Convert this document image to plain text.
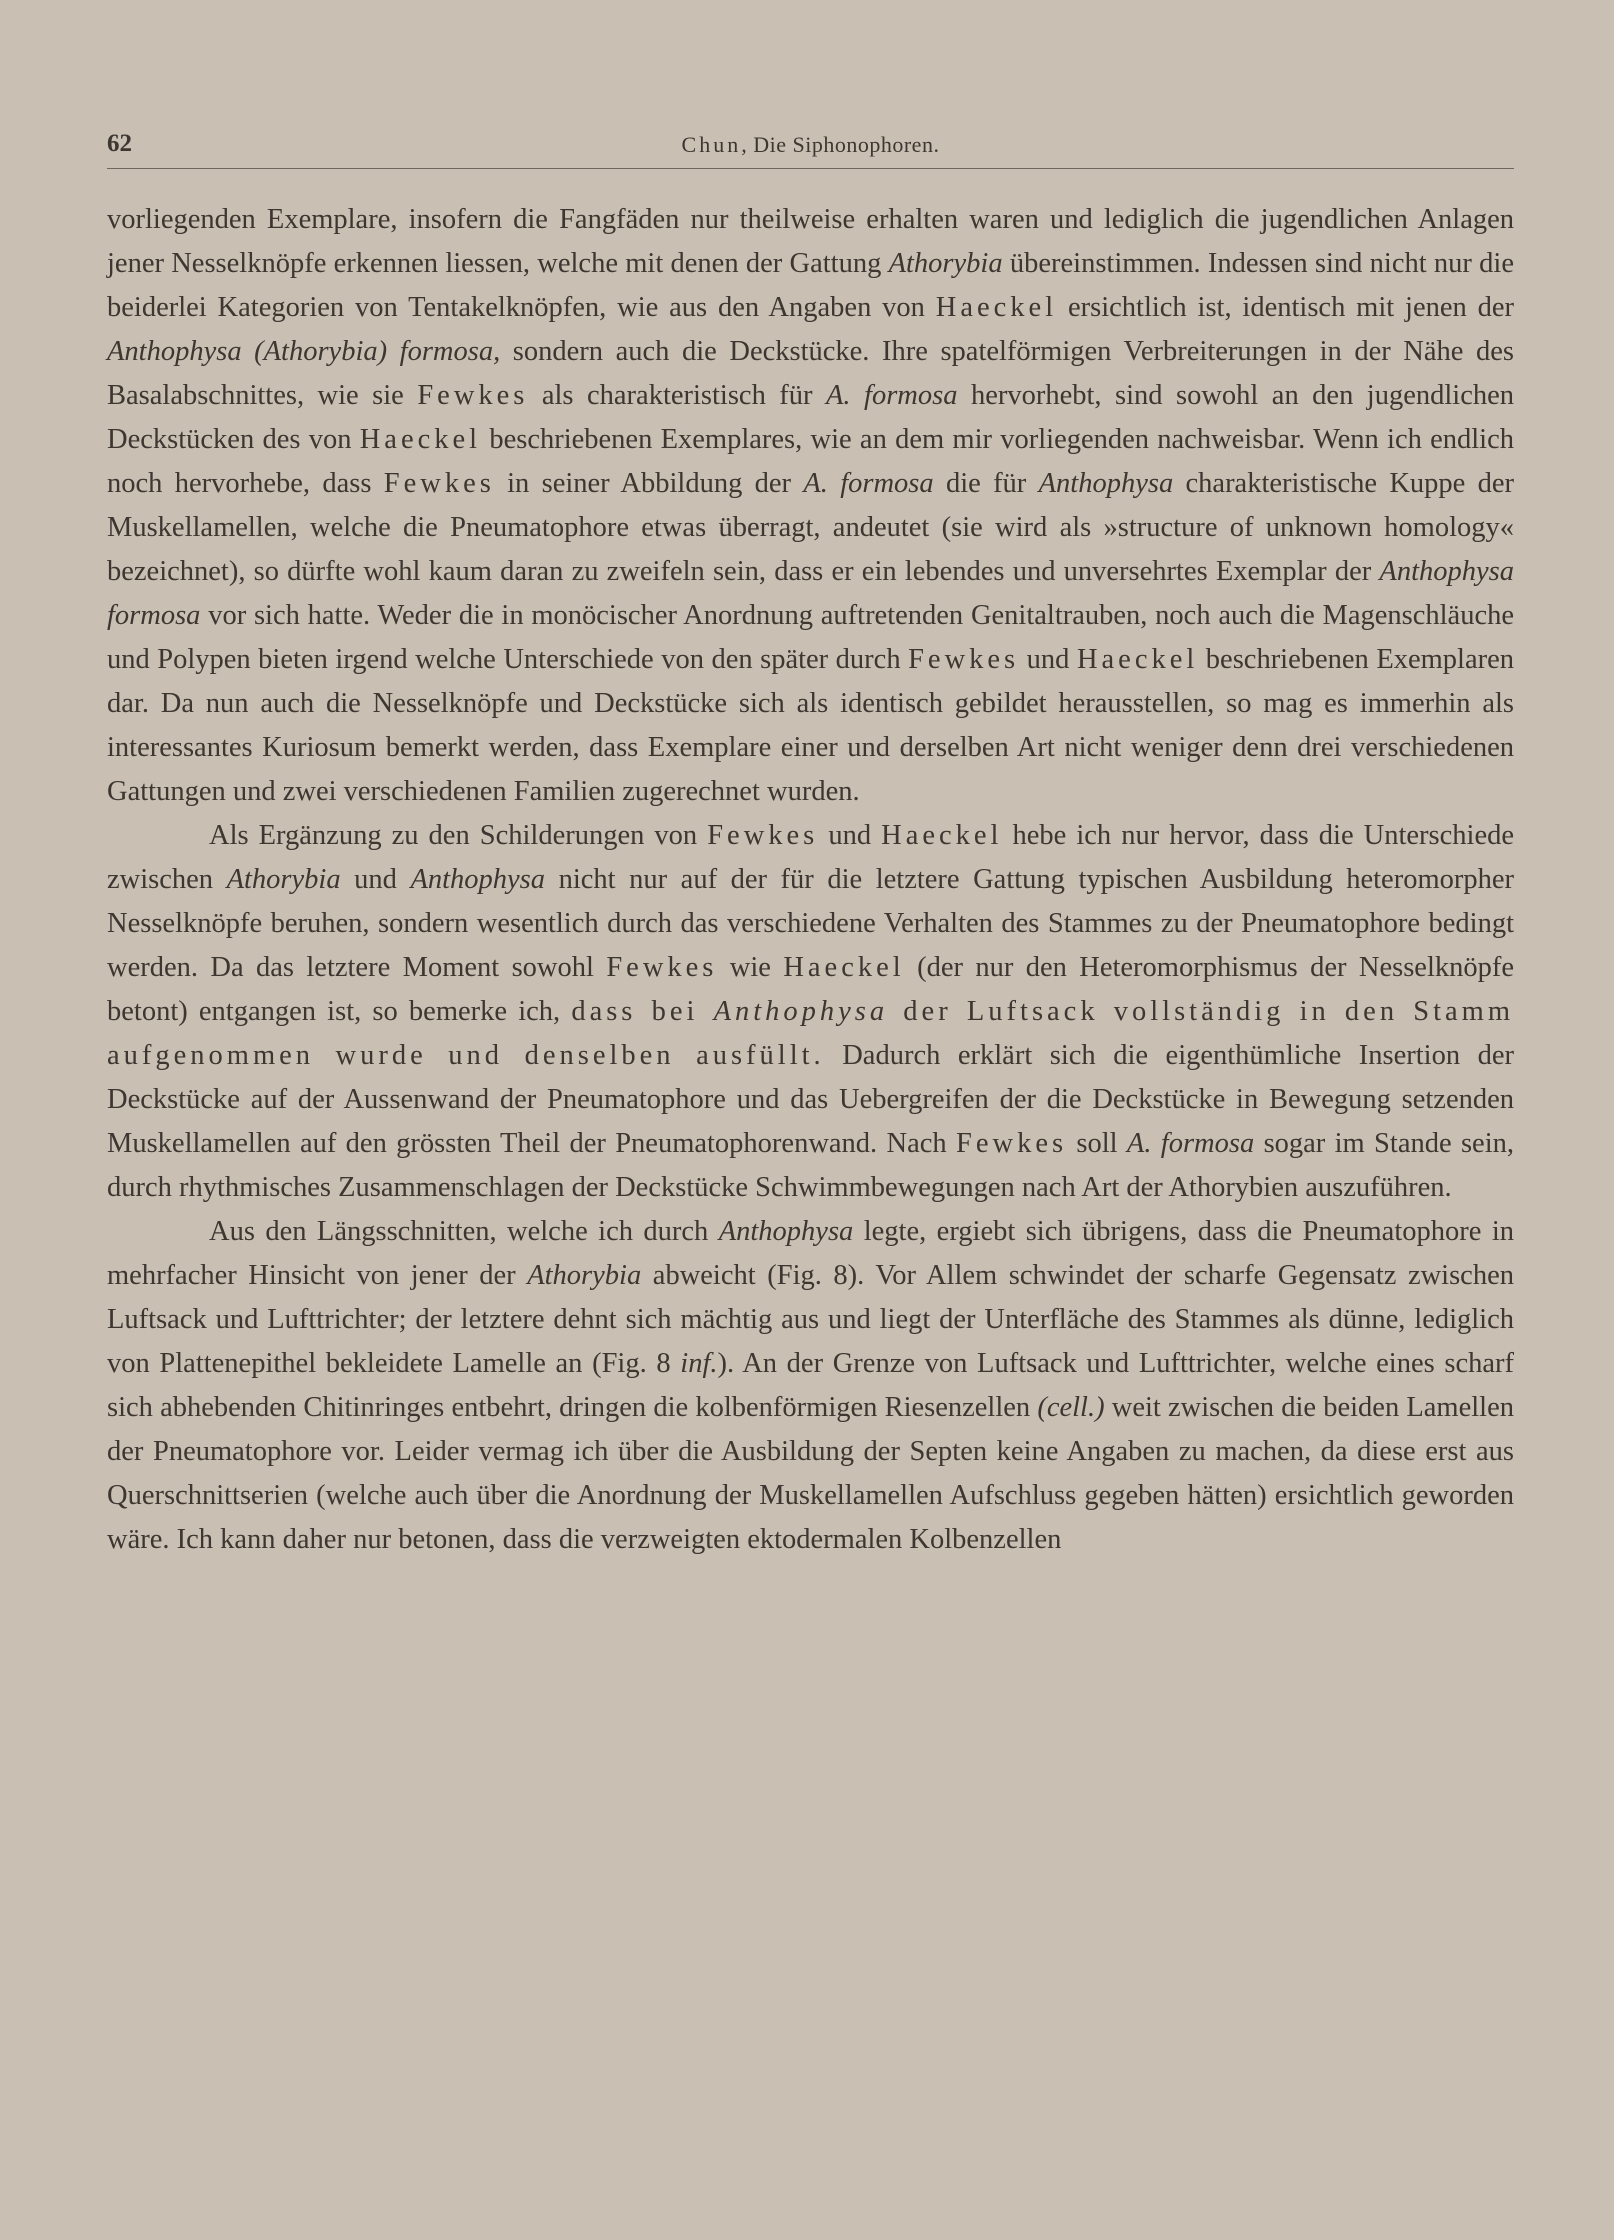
62	Chun, Die Siphonophoren.

vorliegenden Exemplare, insofern die Fangfäden nur theilweise erhalten waren und lediglich die jugendlichen Anlagen jener Nesselknöpfe erkennen liessen, welche mit denen der Gattung Athorybia übereinstimmen. Indessen sind nicht nur die beiderlei Kategorien von Tentakelknöpfen, wie aus den Angaben von Haeckel ersichtlich ist, identisch mit jenen der Anthophysa (Athorybia) formosa, sondern auch die Deckstücke. Ihre spatelförmigen Verbreiterungen in der Nähe des Basalabschnittes, wie sie Fewkes als charakteristisch für A. formosa hervorhebt, sind sowohl an den jugendlichen Deckstücken des von Haeckel beschriebenen Exemplares, wie an dem mir vorliegenden nachweisbar. Wenn ich endlich noch hervorhebe, dass Fewkes in seiner Abbildung der A. formosa die für Anthophysa charakteristische Kuppe der Muskellamellen, welche die Pneumatophore etwas überragt, andeutet (sie wird als »structure of unknown homology« bezeichnet), so dürfte wohl kaum daran zu zweifeln sein, dass er ein lebendes und unversehrtes Exemplar der Anthophysa formosa vor sich hatte. Weder die in monöcischer Anordnung auftretenden Genitaltrauben, noch auch die Magenschläuche und Polypen bieten irgend welche Unterschiede von den später durch Fewkes und Haeckel beschriebenen Exemplaren dar. Da nun auch die Nesselknöpfe und Deckstücke sich als identisch gebildet herausstellen, so mag es immerhin als interessantes Kuriosum bemerkt werden, dass Exemplare einer und derselben Art nicht weniger denn drei verschiedenen Gattungen und zwei verschiedenen Familien zugerechnet wurden.

Als Ergänzung zu den Schilderungen von Fewkes und Haeckel hebe ich nur hervor, dass die Unterschiede zwischen Athorybia und Anthophysa nicht nur auf der für die letztere Gattung typischen Ausbildung heteromorpher Nesselknöpfe beruhen, sondern wesentlich durch das verschiedene Verhalten des Stammes zu der Pneumatophore bedingt werden. Da das letztere Moment sowohl Fewkes wie Haeckel (der nur den Heteromorphismus der Nesselknöpfe betont) entgangen ist, so bemerke ich, dass bei Anthophysa der Luftsack vollständig in den Stamm aufgenommen wurde und denselben ausfüllt. Dadurch erklärt sich die eigenthümliche Insertion der Deckstücke auf der Aussenwand der Pneumatophore und das Uebergreifen der die Deckstücke in Bewegung setzenden Muskellamellen auf den grössten Theil der Pneumatophorenwand. Nach Fewkes soll A. formosa sogar im Stande sein, durch rhythmisches Zusammenschlagen der Deckstücke Schwimmbewegungen nach Art der Athorybien auszuführen.

Aus den Längsschnitten, welche ich durch Anthophysa legte, ergiebt sich übrigens, dass die Pneumatophore in mehrfacher Hinsicht von jener der Athorybia abweicht (Fig. 8). Vor Allem schwindet der scharfe Gegensatz zwischen Luftsack und Lufttrichter; der letztere dehnt sich mächtig aus und liegt der Unterfläche des Stammes als dünne, lediglich von Plattenepithel bekleidete Lamelle an (Fig. 8 inf.). An der Grenze von Luftsack und Lufttrichter, welche eines scharf sich abhebenden Chitinringes entbehrt, dringen die kolbenförmigen Riesenzellen (cell.) weit zwischen die beiden Lamellen der Pneumatophore vor. Leider vermag ich über die Ausbildung der Septen keine Angaben zu machen, da diese erst aus Querschnittserien (welche auch über die Anordnung der Muskellamellen Aufschluss gegeben hätten) ersichtlich geworden wäre. Ich kann daher nur betonen, dass die verzweigten ektodermalen Kolbenzellen
